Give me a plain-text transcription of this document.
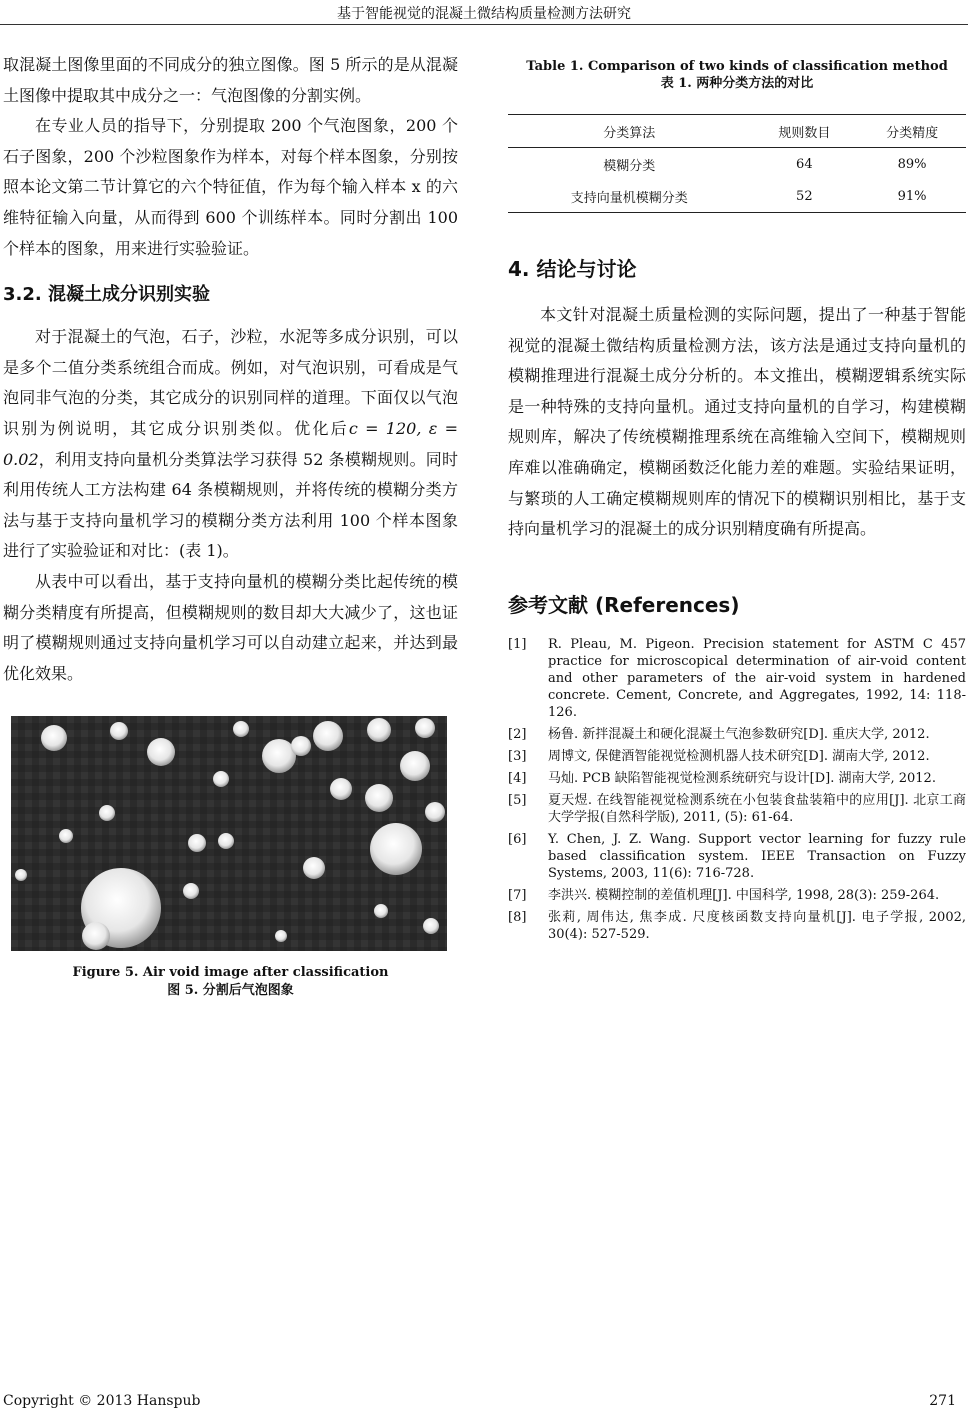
基于智能视觉的混凝土微结构质量检测方法研究

取混凝土图像里面的不同成分的独立图像。图 5 所示的是从混凝土图像中提取其中成分之一：气泡图像的分割实例。

在专业人员的指导下，分别提取 200 个气泡图象，200 个石子图象，200 个沙粒图象作为样本，对每个样本图象，分别按照本论文第二节计算它的六个特征值，作为每个输入样本 x 的六维特征输入向量，从而得到 600 个训练样本。同时分割出 100 个样本的图象，用来进行实验验证。

3.2. 混凝土成分识别实验

对于混凝土的气泡，石子，沙粒，水泥等多成分识别，可以是多个二值分类系统组合而成。例如，对气泡识别，可看成是气泡同非气泡的分类，其它成分的识别同样的道理。下面仅以气泡识别为例说明，其它成分识别类似。优化后c = 120, ε = 0.02，利用支持向量机分类算法学习获得 52 条模糊规则。同时利用传统人工方法构建 64 条模糊规则，并将传统的模糊分类方法与基于支持向量机学习的模糊分类方法利用 100 个样本图象进行了实验验证和对比：(表 1)。

从表中可以看出，基于支持向量机的模糊分类比起传统的模糊分类精度有所提高，但模糊规则的数目却大大减少了，这也证明了模糊规则通过支持向量机学习可以自动建立起来，并达到最优化效果。

Figure 5. Air void image after classification
图 5. 分割后气泡图象
Table 1. Comparison of two kinds of classification method
表 1. 两种分类方法的对比
分类算法	规则数目	分类精度
模糊分类	64	89%
支持向量机模糊分类	52	91%
4. 结论与讨论

本文针对混凝土质量检测的实际问题，提出了一种基于智能视觉的混凝土微结构质量检测方法，该方法是通过支持向量机的模糊推理进行混凝土成分分析的。本文推出，模糊逻辑系统实际是一种特殊的支持向量机。通过支持向量机的自学习，构建模糊规则库，解决了传统模糊推理系统在高维输入空间下，模糊规则库难以准确确定，模糊函数泛化能力差的难题。实验结果证明，与繁琐的人工确定模糊规则库的情况下的模糊识别相比，基于支持向量机学习的混凝土的成分识别精度确有所提高。

参考文献 (References)
[1]	R. Pleau, M. Pigeon. Precision statement for ASTM C 457 practice for microscopical determination of air-void content and other parameters of the air-void system in hardened concrete. Cement, Concrete, and Aggregates, 1992, 14: 118-126.
[2]	杨鲁. 新拌混凝土和硬化混凝土气泡参数研究[D]. 重庆大学, 2012.
[3]	周博文, 保健酒智能视觉检测机器人技术研究[D]. 湖南大学, 2012.
[4]	马灿. PCB 缺陷智能视觉检测系统研究与设计[D]. 湖南大学, 2012.
[5]	夏天煜. 在线智能视觉检测系统在小包装食盐装箱中的应用[J]. 北京工商大学学报(自然科学版), 2011, (5): 61-64.
[6]	Y. Chen, J. Z. Wang. Support vector learning for fuzzy rule based classification system. IEEE Transaction on Fuzzy Systems, 2003, 11(6): 716-728.
[7]	李洪兴. 模糊控制的差值机理[J]. 中国科学, 1998, 28(3): 259-264.
[8]	张莉, 周伟达, 焦李成. 尺度核函数支持向量机[J]. 电子学报, 2002, 30(4): 527-529.
Copyright © 2013 Hanspub	271
